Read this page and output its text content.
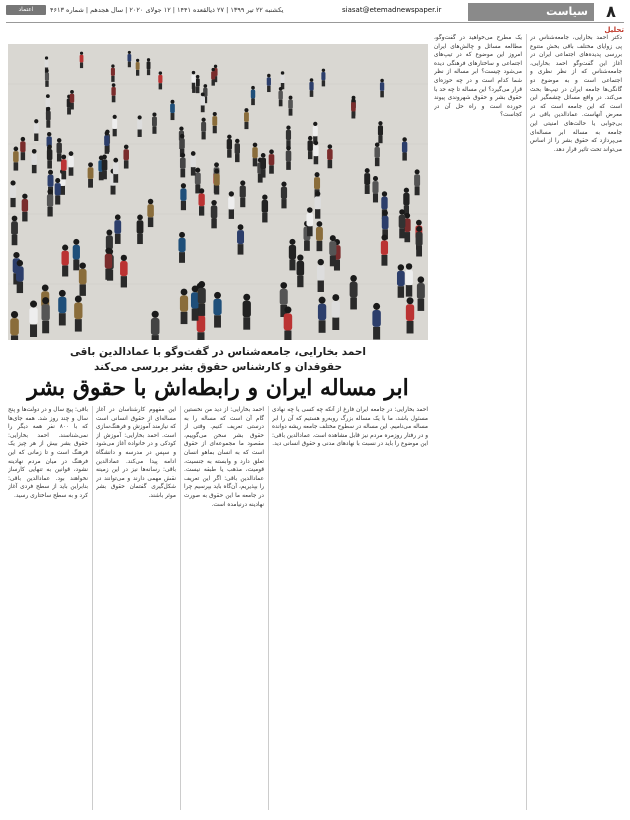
اعتماد	یکشنبه ۲۲ تیر ۱۳۹۹ | ۲۷ ذیالقعده ۱۴۴۱ | ۱۲ جولای ۲۰۲۰ | سال هجدهم | شماره ۴۶۱۳	siasat@etemadnewspaper.ir	سیاست	۸
تحلیل
احمد بخارایی، جامعه‌شناس در گفت‌وگو با عمادالدین باقی
حقوقدان و کارشناس حقوق بشر بررسی می‌کند
ابر مساله ایران و رابطه‌اش با حقوق بشر

یک مطرح می‌خواهید در گفت‌وگو، مطالعه مسائل و چالش‌های ایران امروز این موضوع که در تیپ‌های اجتماعی و ساختارهای فرهنگی دیده می‌شود چیست؟ ابر مساله از نظر شما کدام است و در چه حوزه‌ای قرار می‌گیرد؟ این مساله تا چه حد با حقوق بشر و حقوق شهروندی پیوند خورده است و راه حل آن در کجاست؟

دکتر احمد بخارایی، جامعه‌شناس در پی زوایای مختلف باقی بخش متنوع بررسی پدیده‌های اجتماعی ایران در آغاز این گفت‌وگو احمد بخارایی، جامعه‌شناس که از نظر نظری و اجتماعی است و به موضوع دو گانگی‌ها جامعه ایران در تیپ‌ها بحث می‌کند. در واقع مسائل چشمگیر این است که این جامعه است که در معرض آنهاست. عمادالدین باقی در بی‌جوابی یا حالت‌های امنیتی این جامعه به مساله ابر مساله‌ای می‌پردازد که حقوق بشر را از اساس می‌تواند تحت تاثیر قرار دهد.

باقی: پیچ سال و در دولت‌ها و پنج سال و چند روز شد. همه جای‌ها که با ۸۰۰ نفر همه دیگر را نمی‌شناسند. احمد بخارایی: حقوق بشر بیش از هر چیز یک فرهنگ است و تا زمانی که این فرهنگ در میان مردم نهادینه نشود، قوانین به تنهایی کارساز نخواهند بود. عمادالدین باقی: بنابراین باید از سطح فردی آغاز کرد و به سطح ساختاری رسید.

این مفهوم کارشناسان در آغاز مساله‌ای از حقوق انسانی است که نیازمند آموزش و فرهنگ‌سازی است. احمد بخارایی: آموزش از کودکی و در خانواده آغاز می‌شود و سپس در مدرسه و دانشگاه ادامه پیدا می‌کند. عمادالدین باقی: رسانه‌ها نیز در این زمینه نقش مهمی دارند و می‌توانند در شکل‌گیری گفتمان حقوق بشر موثر باشند.

احمد بخارایی: از دید من نخستین گام آن است که مساله را به درستی تعریف کنیم. وقتی از حقوق بشر سخن می‌گوییم، مقصود ما مجموعه‌ای از حقوق است که به انسان بماهو انسان تعلق دارد و وابسته به جنسیت، قومیت، مذهب یا طبقه نیست. عمادالدین باقی: اگر این تعریف را بپذیریم، آن‌گاه باید بپرسیم چرا در جامعه ما این حقوق به صورت نهادینه درنیامده است.

احمد بخارایی: در جامعه ایران فارغ از آنکه چه کسی یا چه نهادی مسئول باشد، ما با یک مساله بزرگ روبه‌رو هستیم که آن را ابر مساله می‌نامیم. این مساله در سطوح مختلف جامعه ریشه دوانده و در رفتار روزمره مردم نیز قابل مشاهده است. عمادالدین باقی: این موضوع را باید در نسبت با نهادهای مدنی و حقوق انسانی دید.
